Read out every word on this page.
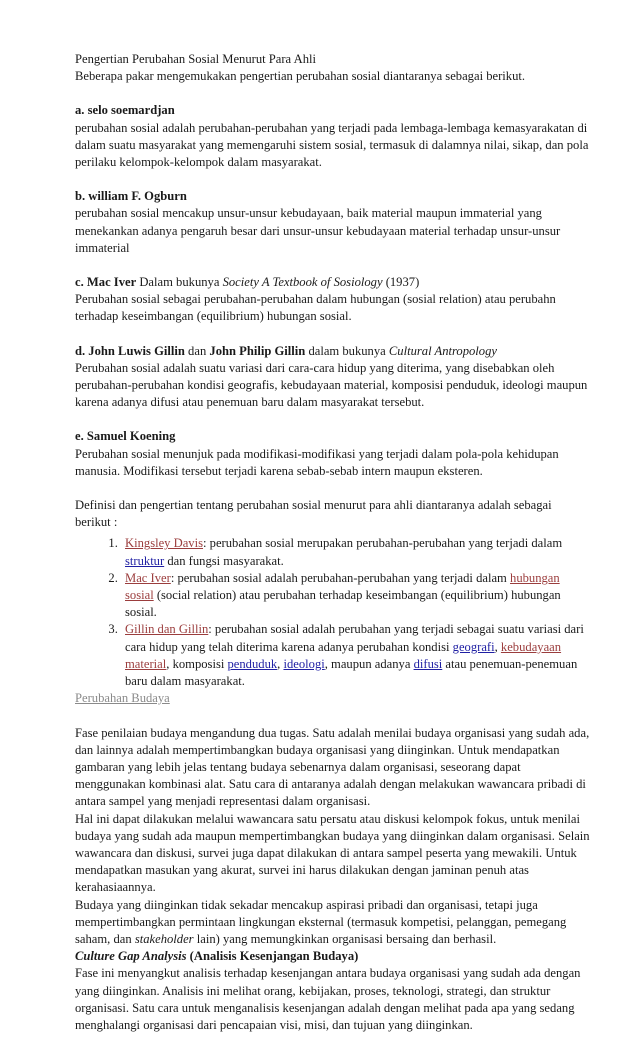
Pengertian Perubahan Sosial Menurut Para Ahli

Beberapa pakar mengemukakan pengertian perubahan sosial diantaranya sebagai berikut.

a. selo soemardjan

perubahan sosial adalah perubahan-perubahan yang terjadi pada lembaga-lembaga kemasyarakatan di dalam suatu masyarakat yang memengaruhi sistem sosial, termasuk di dalamnya nilai, sikap, dan pola perilaku kelompok-kelompok dalam masyarakat.

b. william F. Ogburn

perubahan sosial mencakup unsur-unsur kebudayaan, baik material maupun immaterial yang menekankan adanya pengaruh besar dari unsur-unsur kebudayaan material terhadap unsur-unsur immaterial

c. Mac Iver Dalam bukunya Society A Textbook of Sosiology (1937)

Perubahan sosial sebagai perubahan-perubahan dalam hubungan (sosial relation) atau perubahn terhadap keseimbangan (equilibrium) hubungan sosial.

d. John Luwis Gillin dan John Philip Gillin dalam bukunya Cultural Antropology

Perubahan sosial adalah suatu variasi dari cara-cara hidup yang diterima, yang disebabkan oleh perubahan-perubahan kondisi geografis, kebudayaan material, komposisi penduduk, ideologi maupun karena adanya difusi atau penemuan baru dalam masyarakat tersebut.

e. Samuel Koening

Perubahan sosial menunjuk pada modifikasi-modifikasi yang terjadi dalam pola-pola kehidupan manusia. Modifikasi tersebut terjadi karena sebab-sebab intern maupun eksteren.

Definisi dan pengertian tentang perubahan sosial menurut para ahli diantaranya adalah sebagai berikut :

1. Kingsley Davis: perubahan sosial merupakan perubahan-perubahan yang terjadi dalam struktur dan fungsi masyarakat.
2. Mac Iver: perubahan sosial adalah perubahan-perubahan yang terjadi dalam hubungan sosial (social relation) atau perubahan terhadap keseimbangan (equilibrium) hubungan sosial.
3. Gillin dan Gillin: perubahan sosial adalah perubahan yang terjadi sebagai suatu variasi dari cara hidup yang telah diterima karena adanya perubahan kondisi geografi, kebudayaan material, komposisi penduduk, ideologi, maupun adanya difusi atau penemuan-penemuan baru dalam masyarakat.

Perubahan Budaya

Fase penilaian budaya mengandung dua tugas. Satu adalah menilai budaya organisasi yang sudah ada, dan lainnya adalah mempertimbangkan budaya organisasi yang diinginkan. Untuk mendapatkan gambaran yang lebih jelas tentang budaya sebenarnya dalam organisasi, seseorang dapat menggunakan kombinasi alat. Satu cara di antaranya adalah dengan melakukan wawancara pribadi di antara sampel yang menjadi representasi dalam organisasi.

Hal ini dapat dilakukan melalui wawancara satu persatu atau diskusi kelompok fokus, untuk menilai budaya yang sudah ada maupun mempertimbangkan budaya yang diinginkan dalam organisasi. Selain wawancara dan diskusi, survei juga dapat dilakukan di antara sampel peserta yang mewakili. Untuk mendapatkan masukan yang akurat, survei ini harus dilakukan dengan jaminan penuh atas kerahasiaannya.

Budaya yang diinginkan tidak sekadar mencakup aspirasi pribadi dan organisasi, tetapi juga mempertimbangkan permintaan lingkungan eksternal (termasuk kompetisi, pelanggan, pemegang saham, dan stakeholder lain) yang memungkinkan organisasi bersaing dan berhasil.

Culture Gap Analysis (Analisis Kesenjangan Budaya)

Fase ini menyangkut analisis terhadap kesenjangan antara budaya organisasi yang sudah ada dengan yang diinginkan. Analisis ini melihat orang, kebijakan, proses, teknologi, strategi, dan struktur organisasi. Satu cara untuk menganalisis kesenjangan adalah dengan melihat pada apa yang sedang menghalangi organisasi dari pencapaian visi, misi, dan tujuan yang diinginkan.
